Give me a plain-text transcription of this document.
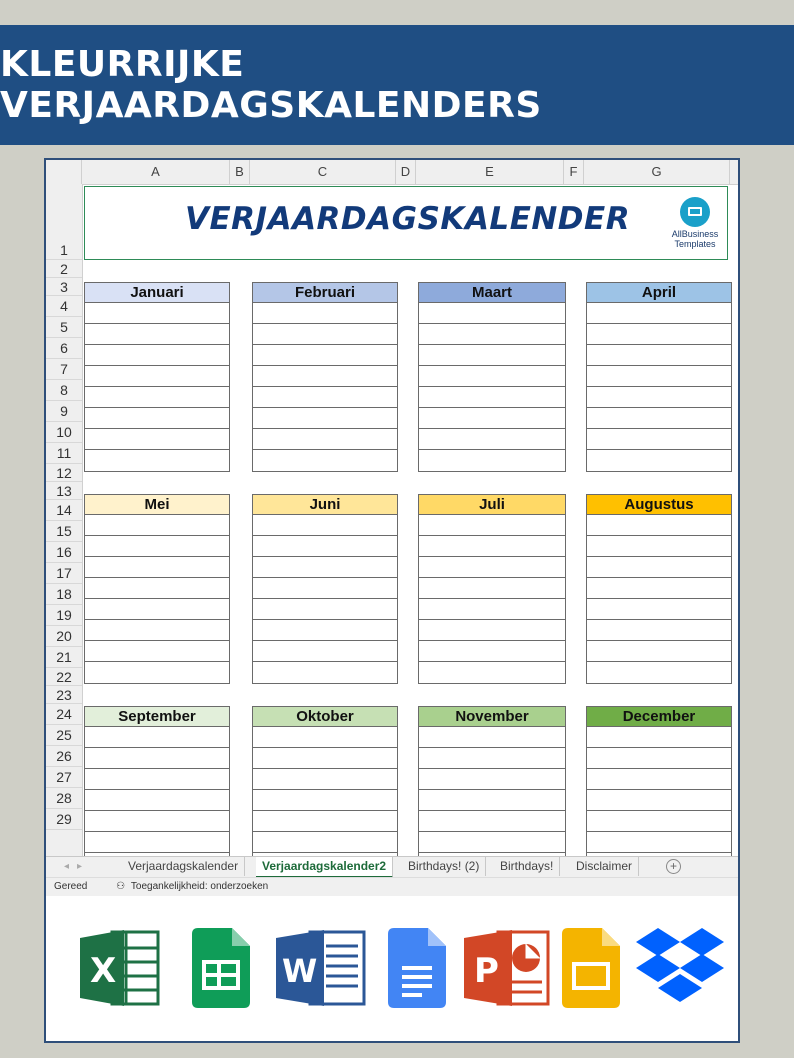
KLEURRIJKE VERJAARDAGSKALENDERS
A	B	C	D	E	F	G
1
2
3
4
5
6
7
8
9
10
11
12
13
14
15
16
17
18
19
20
21
22
23
24
25
26
27
28
29
VERJAARDAGSKALENDER	AllBusiness
Templates
Januari	Februari	Maart	April
Mei	Juni	Juli	Augustus
September	Oktober	November	December
◂▸	Verjaardagskalender	Verjaardagskalender2	Birthdays! (2)	Birthdays!	Disclaimer	+
Gereed	⚇ Toegankelijkheid: onderzoeken
X	W	P
